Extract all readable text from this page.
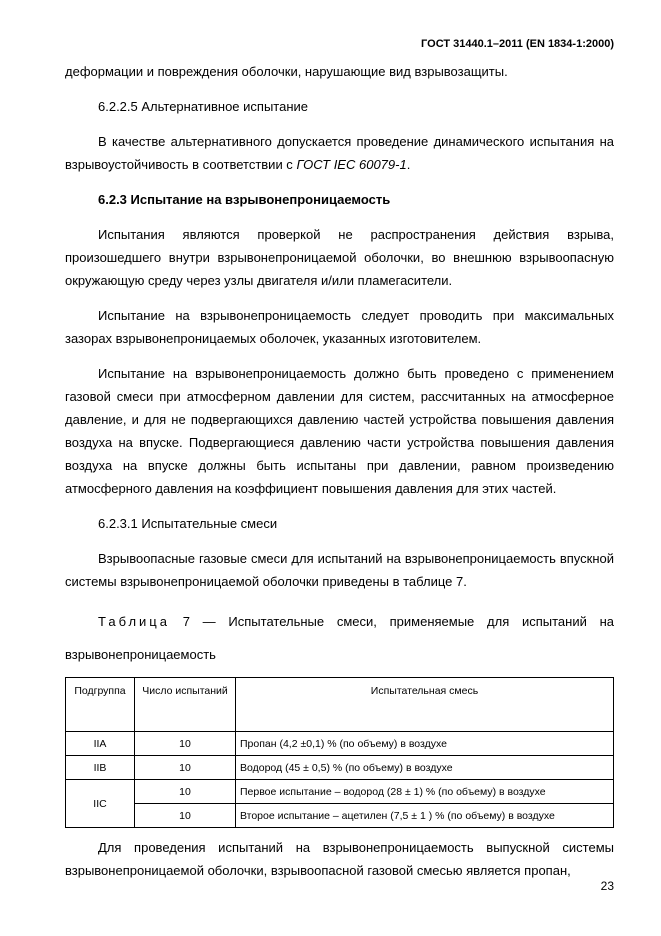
ГОСТ 31440.1–2011 (EN 1834-1:2000)

деформации и повреждения оболочки, нарушающие вид взрывозащиты.

6.2.2.5 Альтернативное испытание

В качестве альтернативного допускается проведение динамического испытания на взрывоустойчивость в соответствии с ГОСТ IEC 60079-1.

6.2.3 Испытание на взрывонепроницаемость

Испытания являются проверкой не распространения действия взрыва, произошедшего внутри взрывонепроницаемой оболочки, во внешнюю взрывоопасную окружающую среду через узлы двигателя и/или пламегасители.

Испытание на взрывонепроницаемость следует проводить при максимальных зазорах взрывонепроницаемых оболочек, указанных изготовителем.

Испытание на взрывонепроницаемость должно быть проведено с применением газовой смеси при атмосферном давлении для систем, рассчитанных на атмосферное давление, и для не подвергающихся давлению частей устройства повышения давления воздуха на впуске. Подвергающиеся давлению части устройства повышения давления воздуха на впуске должны быть испытаны при давлении, равном произведению атмосферного давления на коэффициент повышения давления для этих частей.

6.2.3.1 Испытательные смеси

Взрывоопасные газовые смеси для испытаний на взрывонепроницаемость впускной системы взрывонепроницаемой оболочки приведены в таблице 7.

Таблица 7 — Испытательные смеси, применяемые для испытаний на взрывонепроницаемость

Подгруппа	Число испытаний	Испытательная смесь
IIA	10	Пропан (4,2 ±0,1) % (по объему) в воздухе
IIB	10	Водород (45 ± 0,5) % (по объему) в воздухе
IIC	10	Первое испытание – водород (28 ± 1) % (по объему) в воздухе
	10	Второе испытание – ацетилен (7,5 ± 1 ) % (по объему) в воздухе

Для проведения испытаний на взрывонепроницаемость выпускной системы взрывонепроницаемой оболочки, взрывоопасной газовой смесью является пропан,

23
